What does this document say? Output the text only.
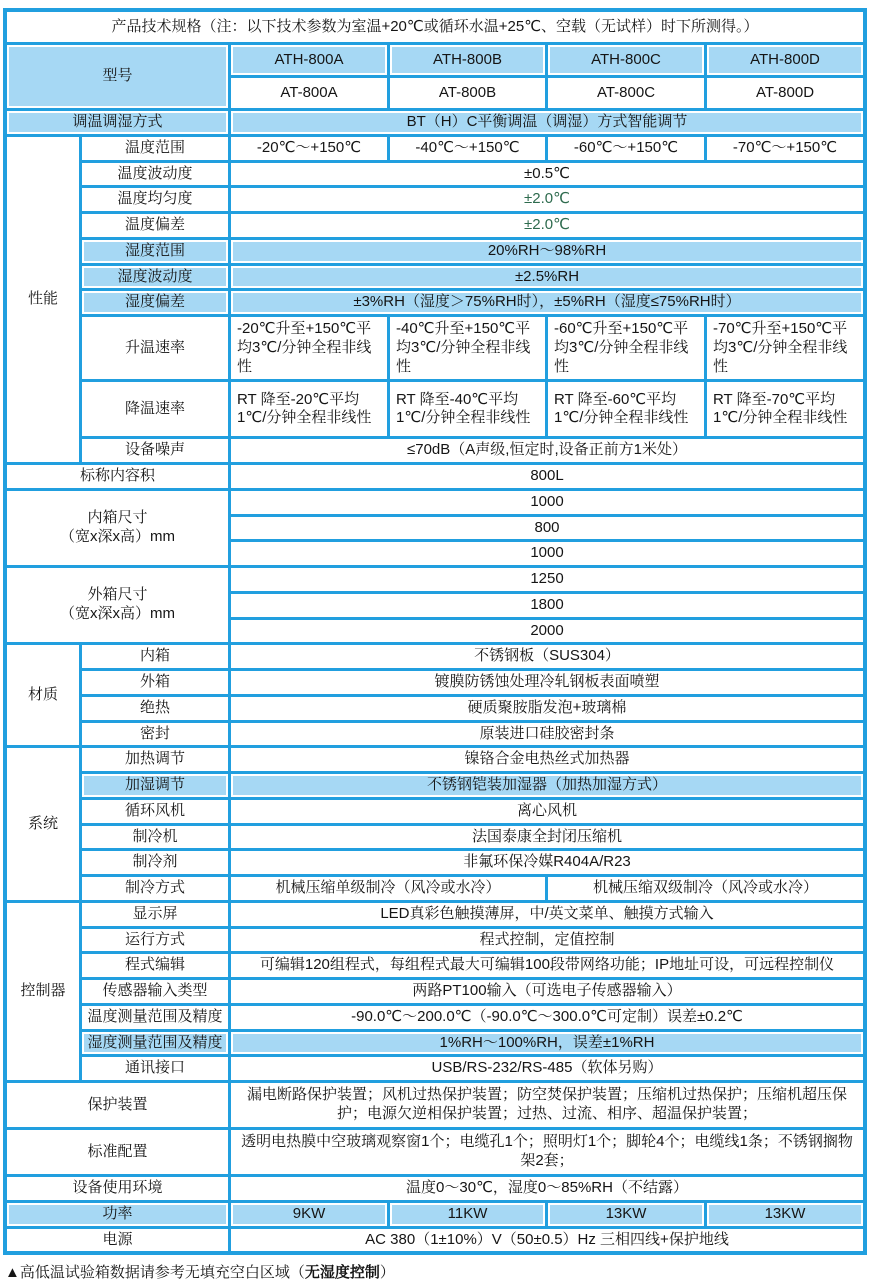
产品技术规格（注：以下技术参数为室温+20℃或循环水温+25℃、空载（无试样）时下所测得。）					
型号		ATH-800A	ATH-800B	ATH-800C	ATH-800D
		AT-800A	AT-800B	AT-800C	AT-800D
调温调湿方式		BT（H）C平衡调温（调湿）方式智能调节			
性能	温度范围	-20℃～+150℃	-40℃～+150℃	-60℃～+150℃	-70℃～+150℃
	温度波动度	±0.5℃			
	温度均匀度	±2.0℃			
	温度偏差	±2.0℃			
	湿度范围	20%RH～98%RH			
	湿度波动度	±2.5%RH			
	湿度偏差	±3%RH（湿度＞75%RH时），±5%RH（湿度≤75%RH时）			
	升温速率	-20℃升至+150℃平均3℃/分钟全程非线性	-40℃升至+150℃平均3℃/分钟全程非线性	-60℃升至+150℃平均3℃/分钟全程非线性	-70℃升至+150℃平均3℃/分钟全程非线性
	降温速率	RT 降至-20℃平均1℃/分钟全程非线性	RT 降至-40℃平均1℃/分钟全程非线性	RT 降至-60℃平均1℃/分钟全程非线性	RT 降至-70℃平均1℃/分钟全程非线性
	设备噪声	≤70dB（A声级,恒定时,设备正前方1米处）			
标称内容积		800L			

内箱尺寸
（宽x深x高）mm		1000			
		800			
		1000			

外箱尺寸
（宽x深x高）mm		1250			
		1800			
		2000			
材质	内箱	不锈钢板（SUS304）			
	外箱	镀膜防锈蚀处理冷轧钢板表面喷塑			
	绝热	硬质聚胺脂发泡+玻璃棉			
	密封	原装进口硅胶密封条			
系统	加热调节	镍铬合金电热丝式加热器			
	加湿调节	不锈钢铠装加湿器（加热加湿方式）			
	循环风机	离心风机			
	制冷机	法国泰康全封闭压缩机			
	制冷剂	非氟环保冷媒R404A/R23			
	制冷方式	机械压缩单级制冷（风冷或水冷）		机械压缩双级制冷（风冷或水冷）	
控制器	显示屏	LED真彩色触摸薄屏，中/英文菜单、触摸方式输入			
	运行方式	程式控制，定值控制			
	程式编辑	可编辑120组程式，每组程式最大可编辑100段带网络功能；IP地址可设，可远程控制仪			
	传感器输入类型	两路PT100输入（可选电子传感器输入）			
	温度测量范围及精度	-90.0℃～200.0℃（-90.0℃～300.0℃可定制）误差±0.2℃			
	湿度测量范围及精度	1%RH～100%RH，误差±1%RH			
	通讯接口	USB/RS-232/RS-485（软体另购）			
保护装置		漏电断路保护装置；风机过热保护装置；防空焚保护装置；压缩机过热保护；压缩机超压保护；电源欠逆相保护装置；过热、过流、相序、超温保护装置；			
标准配置		透明电热膜中空玻璃观察窗1个；电缆孔1个；照明灯1个；脚轮4个；电缆线1条；不锈钢搁物架2套；			
设备使用环境		温度0～30℃，湿度0～85%RH（不结露）			
功率		9KW	11KW	13KW	13KW
电源		AC 380（1±10%）V（50±0.5）Hz 三相四线+保护地线			
▲高低温试验箱数据请参考无填充空白区域（无湿度控制）
